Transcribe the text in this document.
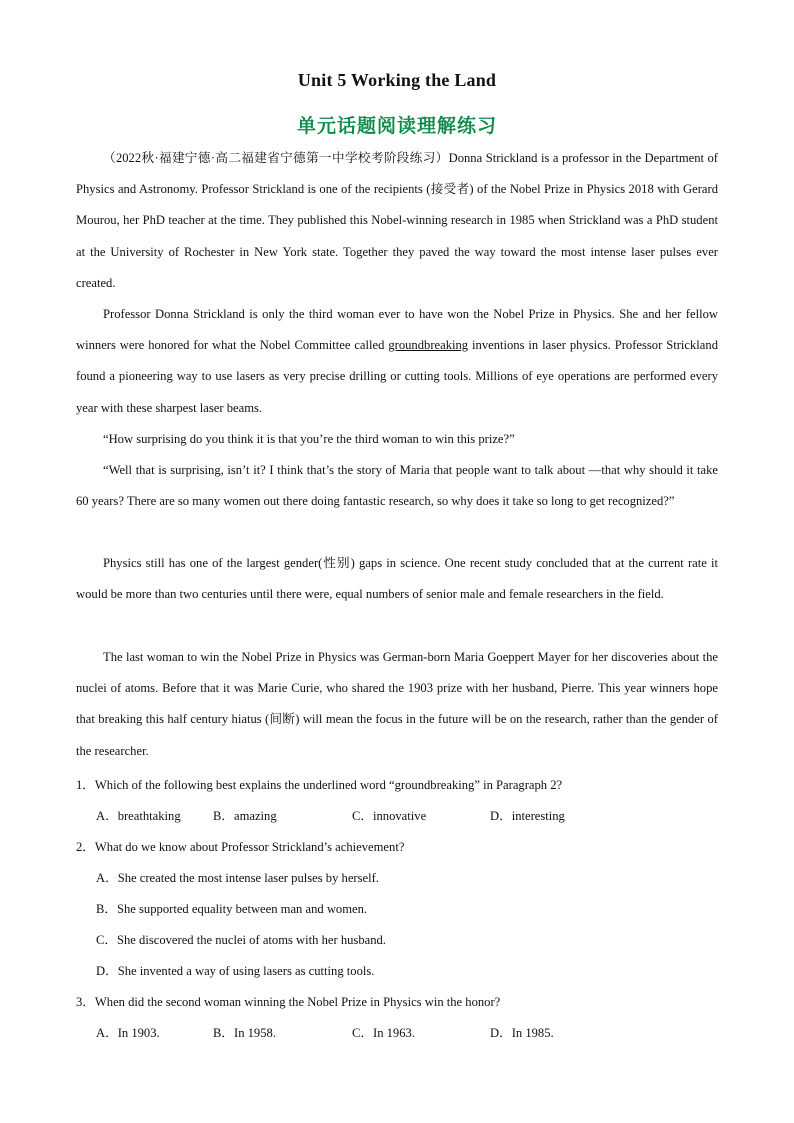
Unit 5 Working the Land
单元话题阅读理解练习

（2022秋·福建宁德·高二福建省宁德第一中学校考阶段练习）Donna Strickland is a professor in the Department of Physics and Astronomy. Professor Strickland is one of the recipients (接受者) of the Nobel Prize in Physics 2018 with Gerard Mourou, her PhD teacher at the time. They published this Nobel-winning research in 1985 when Strickland was a PhD student at the University of Rochester in New York state. Together they paved the way toward the most intense laser pulses ever created.

Professor Donna Strickland is only the third woman ever to have won the Nobel Prize in Physics. She and her fellow winners were honored for what the Nobel Committee called groundbreaking inventions in laser physics. Professor Strickland found a pioneering way to use lasers as very precise drilling or cutting tools. Millions of eye operations are performed every year with these sharpest laser beams.

“How surprising do you think it is that you’re the third woman to win this prize?”

“Well that is surprising, isn’t it? I think that’s the story of Maria that people want to talk about —that why should it take 60 years? There are so many women out there doing fantastic research, so why does it take so long to get recognized?”

Physics still has one of the largest gender(性别) gaps in science. One recent study concluded that at the current rate it would be more than two centuries until there were, equal numbers of senior male and female researchers in the field.

The last woman to win the Nobel Prize in Physics was German-born Maria Goeppert Mayer for her discoveries about the nuclei of atoms. Before that it was Marie Curie, who shared the 1903 prize with her husband, Pierre. This year winners hope that breaking this half century hiatus (间断) will mean the focus in the future will be on the research, rather than the gender of the researcher.

1．Which of the following best explains the underlined word “groundbreaking” in Paragraph 2?
A．breathtaking	B．amazing	C．innovative	D．interesting
2．What do we know about Professor Strickland’s achievement?
A．She created the most intense laser pulses by herself.
B．She supported equality between man and women.
C．She discovered the nuclei of atoms with her husband.
D．She invented a way of using lasers as cutting tools.
3．When did the second woman winning the Nobel Prize in Physics win the honor?
A．In 1903.	B．In 1958.	C．In 1963.	D．In 1985.
